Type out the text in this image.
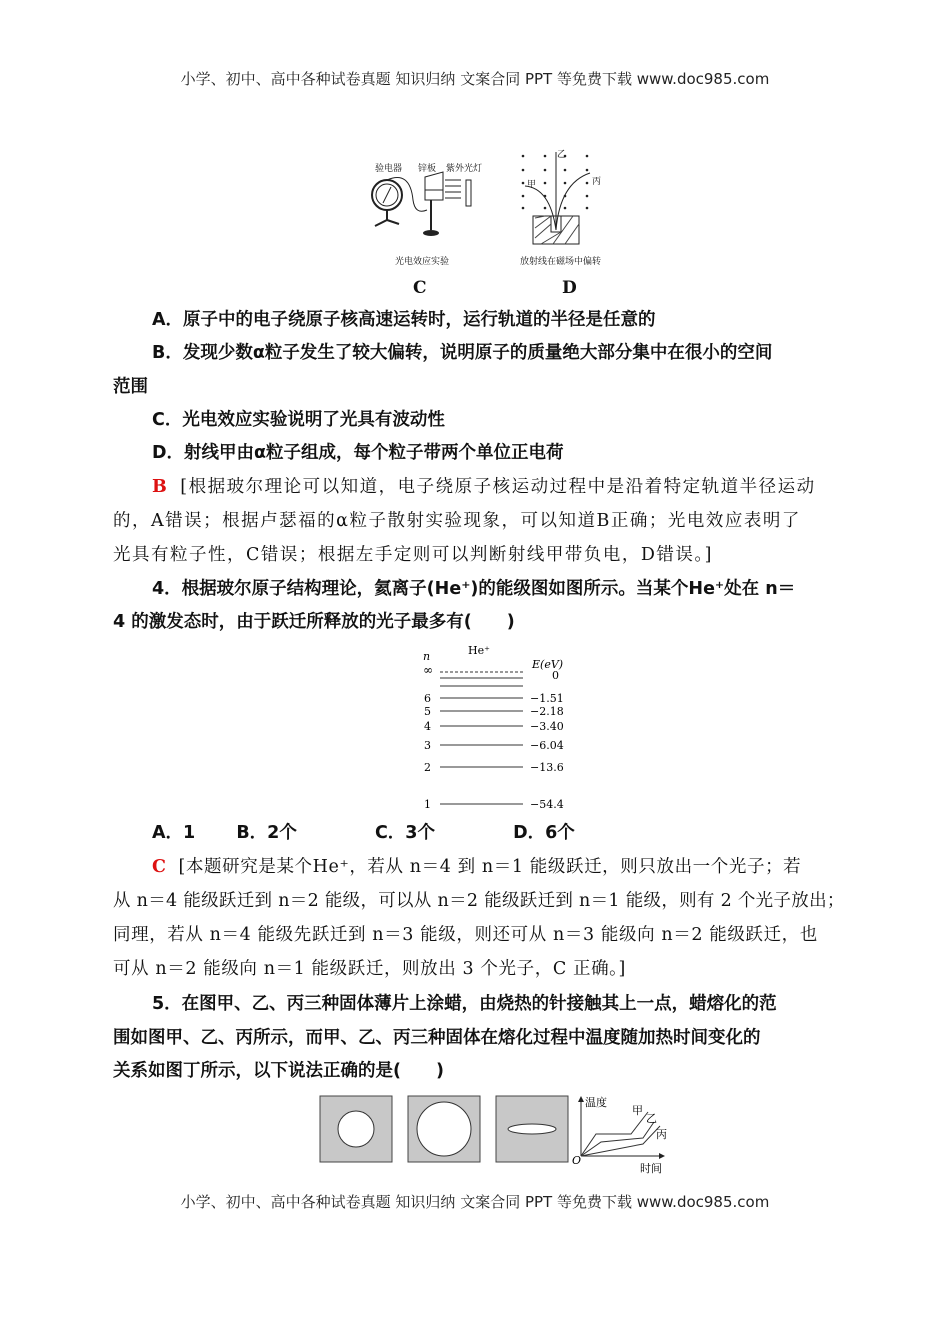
小学、初中、高中各种试卷真题 知识归纳 文案合同 PPT 等免费下载 www.doc985.com
验电器 锌板 紫外光灯
光电效应实验
C
乙
甲	丙
放射线在磁场中偏转
D
A．原子中的电子绕原子核高速运转时，运行轨道的半径是任意的
B．发现少数α粒子发生了较大偏转，说明原子的质量绝大部分集中在很小的空间
范围
C．光电效应实验说明了光具有波动性
D．射线甲由α粒子组成，每个粒子带两个单位正电荷
B [根据玻尔理论可以知道，电子绕原子核运动过程中是沿着特定轨道半径运动
的，A错误；根据卢瑟福的α粒子散射实验现象，可以知道B正确；光电效应表明了
光具有粒子性，C错误；根据左手定则可以判断射线甲带负电，D错误。]
4．根据玻尔原子结构理论，氦离子(He⁺)的能级图如图所示。当某个He⁺处在 n＝
4 的激发态时，由于跃迁所释放的光子最多有(　　)
He⁺
n
E(eV)
∞	0
6	−1.51
5	−2.18
4	−3.40
3	−6.04
2	−13.6
1	−54.4
A．1 B．2个	C．3个	D．6个
C [本题研究是某个He⁺，若从 n＝4 到 n＝1 能级跃迁，则只放出一个光子；若
从 n＝4 能级跃迁到 n＝2 能级，可以从 n＝2 能级跃迁到 n＝1 能级，则有 2 个光子放出；
同理，若从 n＝4 能级先跃迁到 n＝3 能级，则还可从 n＝3 能级向 n＝2 能级跃迁，也
可从 n＝2 能级向 n＝1 能级跃迁，则放出 3 个光子，C 正确。]
5．在图甲、乙、丙三种固体薄片上涂蜡，由烧热的针接触其上一点，蜡熔化的范
围如图甲、乙、丙所示，而甲、乙、丙三种固体在熔化过程中温度随加热时间变化的
关系如图丁所示，以下说法正确的是(　　)
O
温度
时间
甲
乙
丙
小学、初中、高中各种试卷真题 知识归纳 文案合同 PPT 等免费下载 www.doc985.com
